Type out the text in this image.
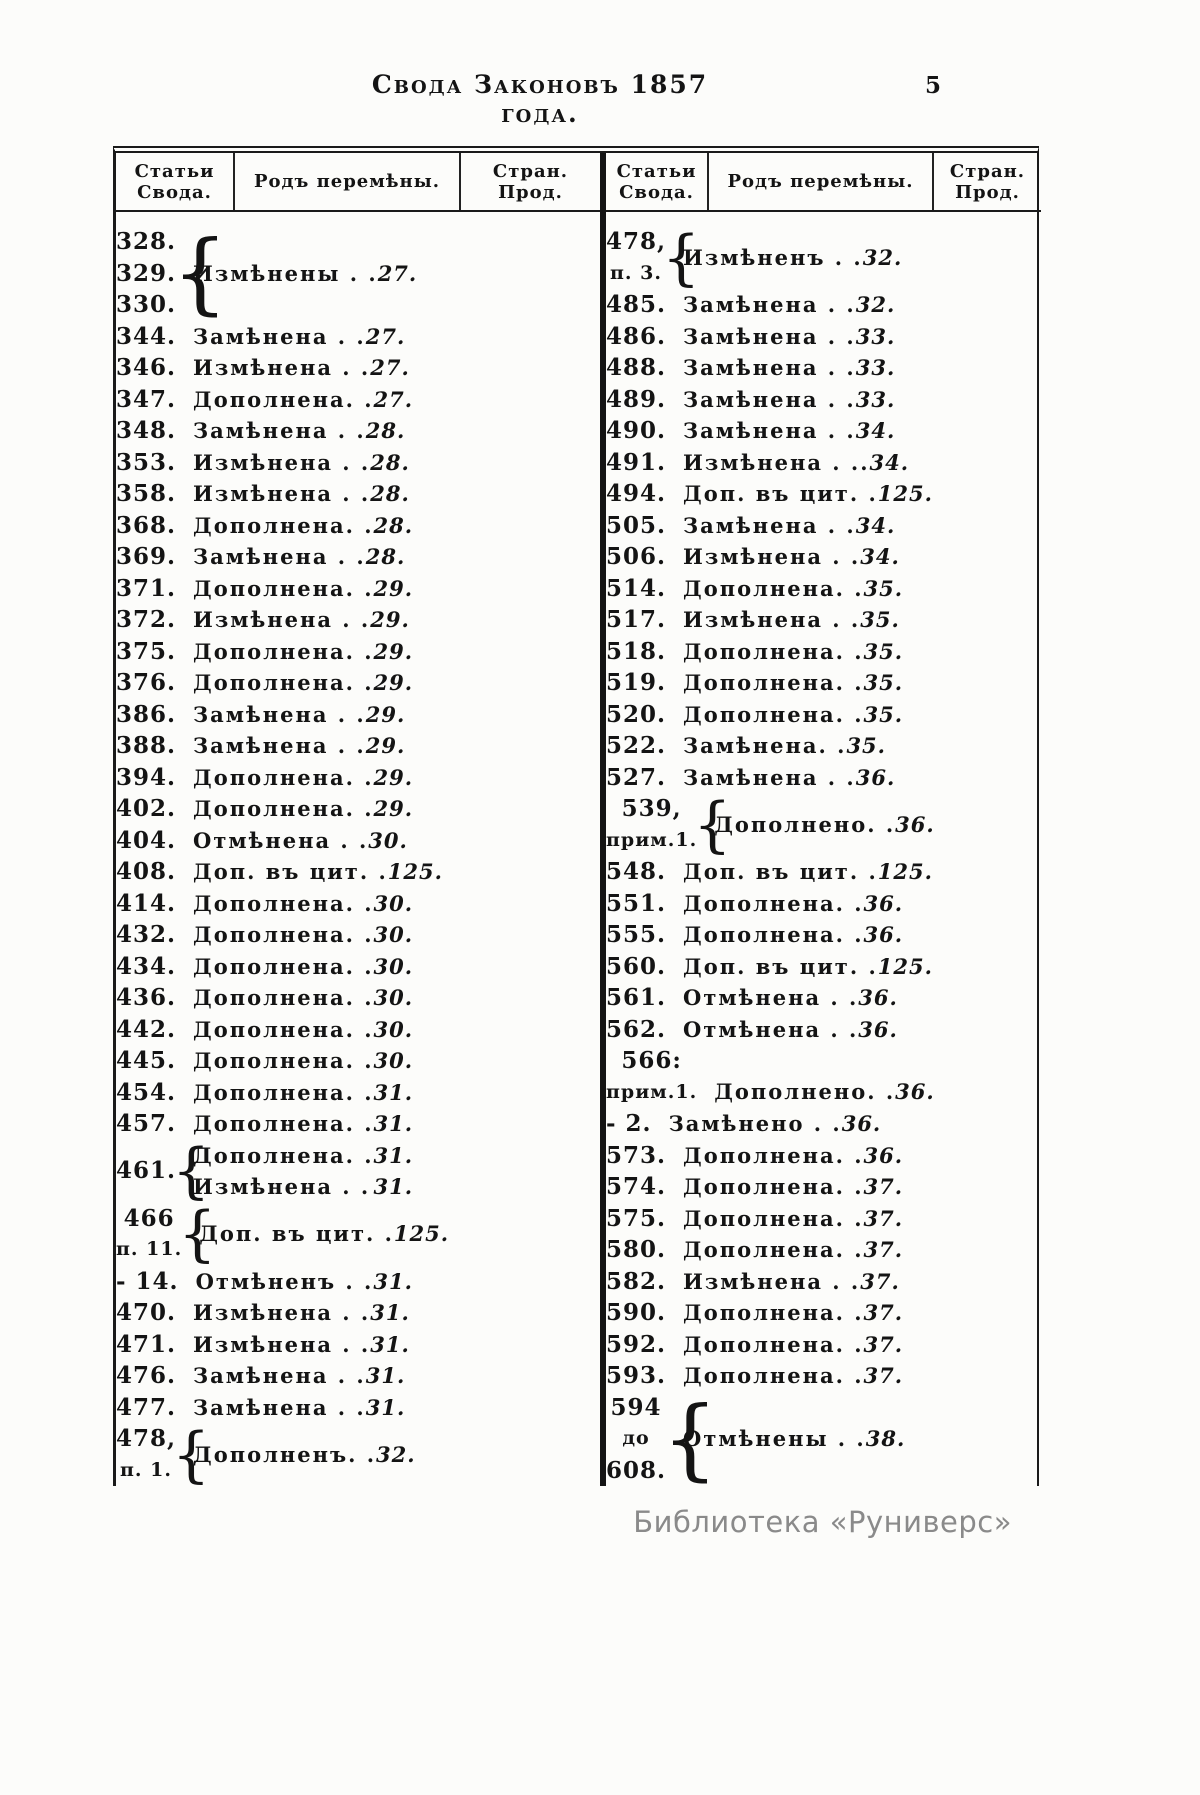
Свода Законовъ 1857 года.
5
Статьи
Свода. Родъ перемѣны.	Стран. Прод.
328.
329.
330.
{
Измѣнены . . 27.
344. Замѣнена . . 27.
346. Измѣнена . . 27.
347. Дополнена. . 27.
348. Замѣнена . . 28.
353. Измѣнена . . 28.
358. Измѣнена . . 28.
368. Дополнена. . 28.
369. Замѣнена . . 28.
371. Дополнена. . 29.
372. Измѣнена . . 29.
375. Дополнена. . 29.
376. Дополнена. . 29.
386. Замѣнена . . 29.
388. Замѣнена . . 29.
394. Дополнена. . 29.
402. Дополнена. . 29.
404. Отмѣнена . . 30.
408. Доп. въ цит. . 125.
414. Дополнена. . 30.
432. Дополнена. . 30.
434. Дополнена. . 30.
436. Дополнена. . 30.
442. Дополнена. . 30.
445. Дополнена. . 30.
454. Дополнена. . 31.
457. Дополнена. . 31.
461.
{
Дополнена. .
Измѣнена . .
31.
31.
466
п. 11.
{
Доп. въ цит. . 125.
- 14. Отмѣненъ . . 31.
470. Измѣнена . . 31.
471. Измѣнена . . 31.
476. Замѣнена . . 31.
477. Замѣнена . . 31.
478,
п. 1. {
Дополненъ. . 32.
Статьи
Свода. Родъ перемѣны.	Стран. Прод.
478,
п. 3. {
Измѣненъ . . 32.
485. Замѣнена . . 32.
486. Замѣнена . . 33.
488. Замѣнена . . 33.
489. Замѣнена . . 33.
490. Замѣнена . . 34.
491. Измѣнена . .. 34.
494. Доп. въ цит. . 125.
505. Замѣнена . . 34.
506. Измѣнена . . 34.
514. Дополнена. . 35.
517. Измѣнена . . 35.
518. Дополнена. . 35.
519. Дополнена. . 35.
520. Дополнена. . 35.
522. Замѣнена. . 35.
527. Замѣнена . . 36.
539,
прим.1.
{
Дополнено. . 36.
548. Доп. въ цит. . 125.
551. Дополнена. . 36.
555. Дополнена. . 36.
560. Доп. въ цит. . 125.
561. Отмѣнена . . 36.
562. Отмѣнена . . 36.
566:
прим.1. Дополнено. . 36.
- 2. Замѣнено . . 36.
573. Дополнена. . 36.
574. Дополнена. . 37.
575. Дополнена. . 37.
580. Дополнена. . 37.
582. Измѣнена . . 37.
590. Дополнена. . 37.
592. Дополнена. . 37.
593. Дополнена. . 37.
594
до
608.
{
Отмѣнены . . 38.
Библиотека «Руниверс»
